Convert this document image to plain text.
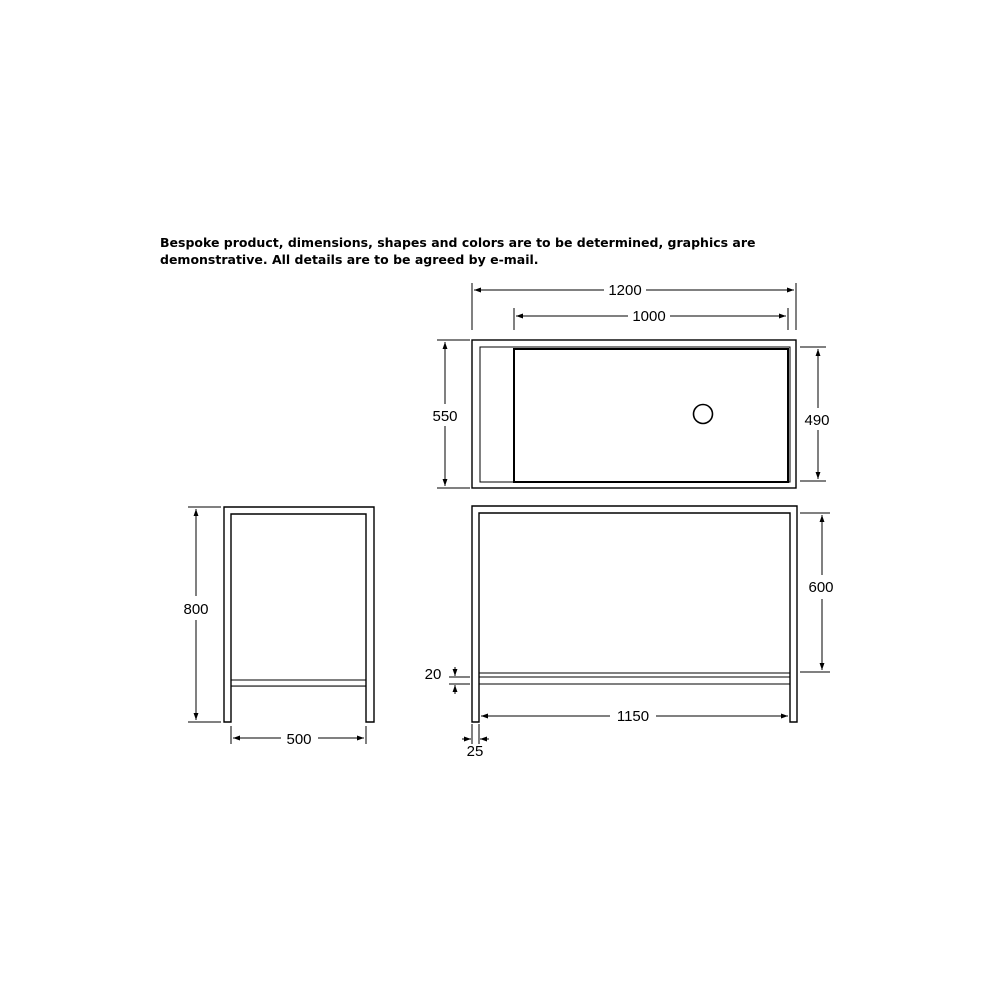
Bespoke product, dimensions, shapes and colors are to be determined, graphics are
demonstrative. All details are to be agreed by e-mail.
1200
1000
550	490
600
20
1150
25
800
500
